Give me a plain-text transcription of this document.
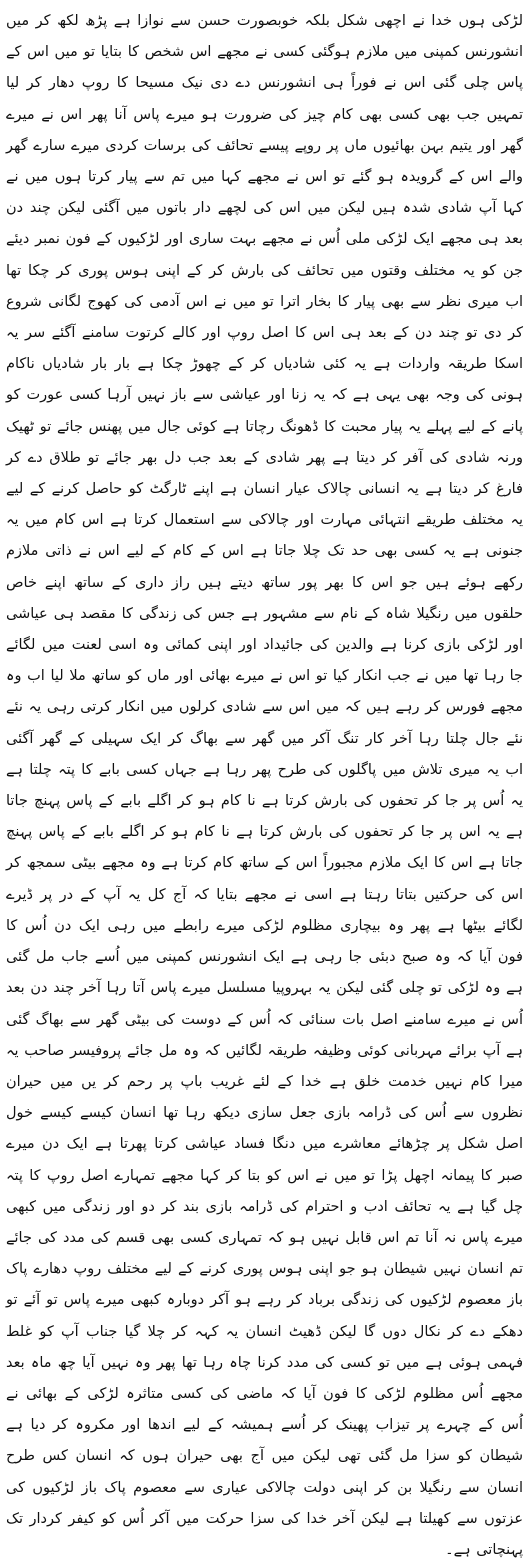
لڑکی ہوں خدا نے اچھی شکل بلکہ خوبصورت حسن سے نوازا ہے پڑھ لکھ کر میں انشورنس کمپنی میں ملازم ہوگئی کسی نے مجھے اس شخص کا بتایا تو میں اس کے پاس چلی گئی اس نے فوراً ہی انشورنس دے دی نیک مسیحا کا روپ دھار کر لیا تمہیں جب بھی کسی بھی کام چیز کی ضرورت ہو میرے پاس آنا پھر اس نے میرے گھر اور یتیم بہن بھائیوں ماں پر روپے پیسے تحائف کی برسات کردی میرے سارے گھر والے اس کے گرویدہ ہو گئے تو اس نے مجھے کہا میں تم سے پیار کرتا ہوں میں نے کہا آپ شادی شدہ ہیں لیکن میں اس کی لچھے دار باتوں میں آگئی لیکن چند دن بعد ہی مجھے ایک لڑکی ملی اُس نے مجھے بہت ساری اور لڑکیوں کے فون نمبر دیئے جن کو یہ مختلف وقتوں میں تحائف کی بارش کر کے اپنی ہوس پوری کر چکا تھا اب میری نظر سے بھی پیار کا بخار اترا تو میں نے اس آدمی کی کھوج لگانی شروع کر دی تو چند دن کے بعد ہی اس کا اصل روپ اور کالے کرتوت سامنے آگئے سر یہ اسکا طریقہ واردات ہے یہ کئی شادیاں کر کے چھوڑ چکا ہے بار بار شادیاں ناکام ہونی کی وجہ بھی یہی ہے کہ یہ زنا اور عیاشی سے باز نہیں آرہا کسی عورت کو پانے کے لیے پہلے یہ پیار محبت کا ڈھونگ رچاتا ہے کوئی جال میں پھنس جائے تو ٹھیک ورنہ شادی کی آفر کر دیتا ہے پھر شادی کے بعد جب دل بھر جائے تو طلاق دے کر فارغ کر دیتا ہے یہ انسانی چالاک عیار انسان ہے اپنے ٹارگٹ کو حاصل کرنے کے لیے یہ مختلف طریقے انتہائی مہارت اور چالاکی سے استعمال کرتا ہے اس کام میں یہ جنونی ہے یہ کسی بھی حد تک چلا جاتا ہے اس کے کام کے لیے اس نے ذاتی ملازم رکھے ہوئے ہیں جو اس کا بھر پور ساتھ دیتے ہیں راز داری کے ساتھ اپنے خاص حلقوں میں رنگیلا شاہ کے نام سے مشہور ہے جس کی زندگی کا مقصد ہی عیاشی اور لڑکی بازی کرنا ہے والدین کی جائیداد اور اپنی کمائی وہ اسی لعنت میں لگائے جا رہا تھا میں نے جب انکار کیا تو اس نے میرے بھائی اور ماں کو ساتھ ملا لیا اب وہ مجھے فورس کر رہے ہیں کہ میں اس سے شادی کرلوں میں انکار کرتی رہی یہ نئے نئے جال چلتا رہا آخر کار تنگ آکر میں گھر سے بھاگ کر ایک سہیلی کے گھر آگئی اب یہ میری تلاش میں پاگلوں کی طرح پھر رہا ہے جہاں کسی بابے کا پتہ چلتا ہے یہ اُس پر جا کر تحفوں کی بارش کرتا ہے نا کام ہو کر اگلے بابے کے پاس پہنچ جاتا ہے یہ اس پر جا کر تحفوں کی بارش کرتا ہے نا کام ہو کر اگلے بابے کے پاس پہنچ جاتا ہے اس کا ایک ملازم مجبوراً اس کے ساتھ کام کرتا ہے وہ مجھے بیٹی سمجھ کر اس کی حرکتیں بتاتا رہتا ہے اسی نے مجھے بتایا کہ آج کل یہ آپ کے در پر ڈیرے لگائے بیٹھا ہے پھر وہ بیچاری مظلوم لڑکی میرے رابطے میں رہی ایک دن اُس کا فون آیا کہ وہ صبح دبئی جا رہی ہے ایک انشورنس کمپنی میں اُسے جاب مل گئی ہے وہ لڑکی تو چلی گئی لیکن یہ بہروپیا مسلسل میرے پاس آتا رہا آخر چند دن بعد اُس نے میرے سامنے اصل بات سنائی کہ اُس کے دوست کی بیٹی گھر سے بھاگ گئی ہے آپ برائے مہربانی کوئی وظیفہ طریقہ لگائیں کہ وہ مل جائے پروفیسر صاحب یہ میرا کام نہیں خدمت خلق ہے خدا کے لئے غریب باپ پر رحم کر یں میں حیران نظروں سے اُس کی ڈرامہ بازی جعل سازی دیکھ رہا تھا انسان کیسے کیسے خول اصل شکل پر چڑھائے معاشرے میں دنگا فساد عیاشی کرتا پھرتا ہے ایک دن میرے صبر کا پیمانہ اچھل پڑا تو میں نے اس کو بتا کر کہا مجھے تمہارے اصل روپ کا پتہ چل گیا ہے یہ تحائف ادب و احترام کی ڈرامہ بازی بند کر دو اور زندگی میں کبھی میرے پاس نہ آنا تم اس قابل نہیں ہو کہ تمہاری کسی بھی قسم کی مدد کی جائے تم انسان نہیں شیطان ہو جو اپنی ہوس پوری کرنے کے لیے مختلف روپ دھارے پاک باز معصوم لڑکیوں کی زندگی برباد کر رہے ہو آکر دوبارہ کبھی میرے پاس تو آئے تو دھکے دے کر نکال دوں گا لیکن ڈھیٹ انسان یہ کہہ کر چلا گیا جناب آپ کو غلط فہمی ہوئی ہے میں تو کسی کی مدد کرنا چاہ رہا تھا پھر وہ نہیں آیا چھ ماہ بعد مجھے اُس مظلوم لڑکی کا فون آیا کہ ماضی کی کسی متاثرہ لڑکی کے بھائی نے اُس کے چہرے پر تیزاب پھینک کر اُسے ہمیشہ کے لیے اندھا اور مکروہ کر دیا ہے شیطان کو سزا مل گئی تھی لیکن میں آج بھی حیران ہوں کہ انسان کس طرح انسان سے رنگیلا بن کر اپنی دولت چالاکی عیاری سے معصوم پاک باز لڑکیوں کی عزتوں سے کھیلتا ہے لیکن آخر خدا کی سزا حرکت میں آکر اُس کو کیفر کردار تک پہنچاتی ہے۔
